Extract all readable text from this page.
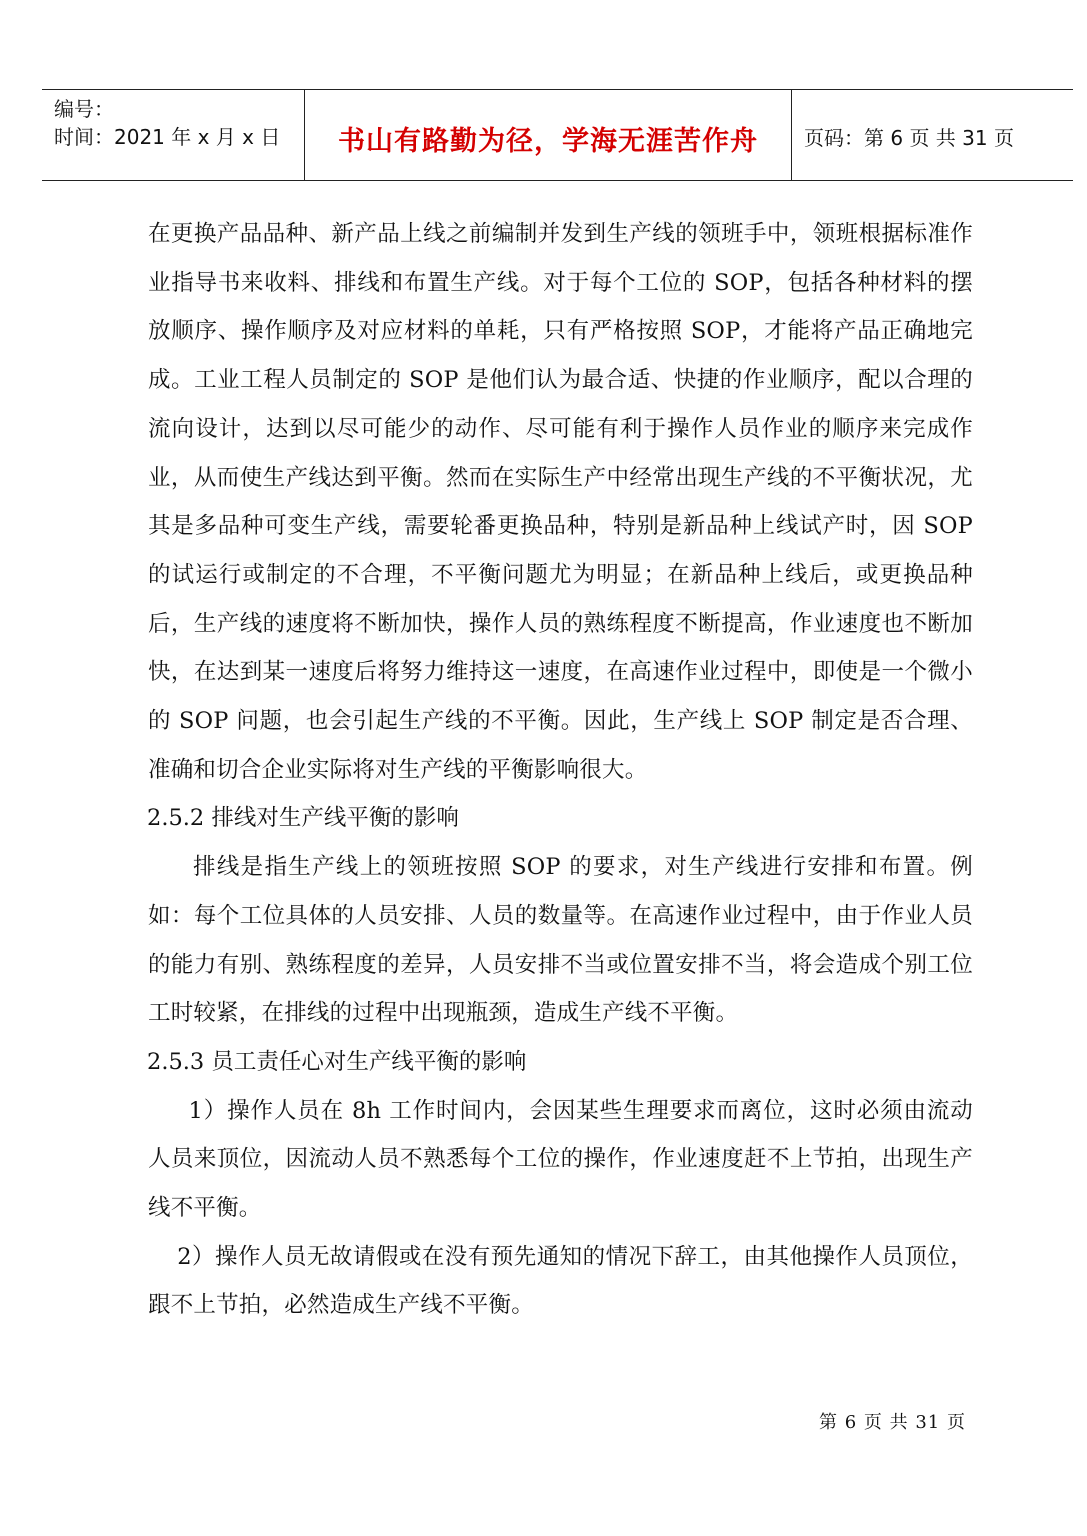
编号：
时间：2021 年 x 月 x 日	书山有路勤为径，学海无涯苦作舟	页码：第 6 页 共 31 页

在更换产品品种、新产品上线之前编制并发到生产线的领班手中，领班根据标准作业指导书来收料、排线和布置生产线。对于每个工位的 SOP，包括各种材料的摆放顺序、操作顺序及对应材料的单耗，只有严格按照 SOP，才能将产品正确地完成。工业工程人员制定的 SOP 是他们认为最合适、快捷的作业顺序，配以合理的流向设计，达到以尽可能少的动作、尽可能有利于操作人员作业的顺序来完成作业，从而使生产线达到平衡。然而在实际生产中经常出现生产线的不平衡状况，尤其是多品种可变生产线，需要轮番更换品种，特别是新品种上线试产时，因 SOP 的试运行或制定的不合理，不平衡问题尤为明显；在新品种上线后，或更换品种后，生产线的速度将不断加快，操作人员的熟练程度不断提高，作业速度也不断加快，在达到某一速度后将努力维持这一速度，在高速作业过程中，即使是一个微小的 SOP 问题，也会引起生产线的不平衡。因此，生产线上 SOP 制定是否合理、准确和切合企业实际将对生产线的平衡影响很大。

2.5.2 排线对生产线平衡的影响

排线是指生产线上的领班按照 SOP 的要求，对生产线进行安排和布置。例如：每个工位具体的人员安排、人员的数量等。在高速作业过程中，由于作业人员的能力有别、熟练程度的差异，人员安排不当或位置安排不当，将会造成个别工位工时较紧，在排线的过程中出现瓶颈，造成生产线不平衡。

2.5.3 员工责任心对生产线平衡的影响

1）操作人员在 8h 工作时间内，会因某些生理要求而离位，这时必须由流动人员来顶位，因流动人员不熟悉每个工位的操作，作业速度赶不上节拍，出现生产线不平衡。

2）操作人员无故请假或在没有预先通知的情况下辞工，由其他操作人员顶位，跟不上节拍，必然造成生产线不平衡。

第 6 页 共 31 页
